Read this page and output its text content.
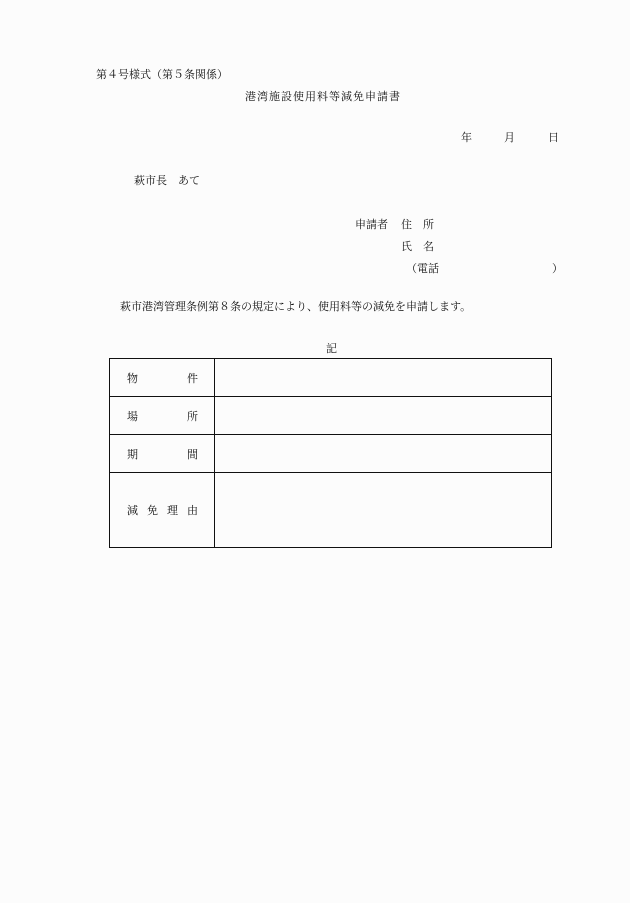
第４号様式（第５条関係）
港湾施設使用料等減免申請書
年	月	日
萩市長　あて
申請者 住　所
氏　名
（電話	）
萩市港湾管理条例第８条の規定により、使用料等の減免を申請します。
記
物 件	

場 所	

期 間	

減 免 理 由	
